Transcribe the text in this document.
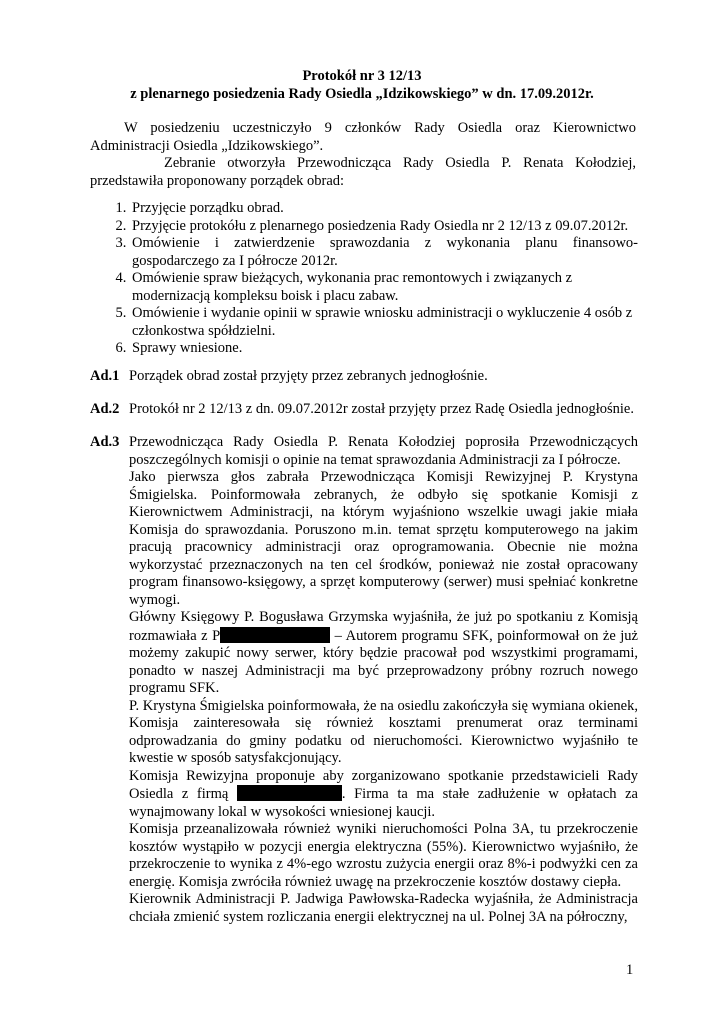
Protokół nr 3 12/13
z plenarnego posiedzenia Rady Osiedla „Idzikowskiego” w dn. 17.09.2012r.

W posiedzeniu uczestniczyło 9 członków Rady Osiedla oraz Kierownictwo Administracji Osiedla „Idzikowskiego”.

Zebranie otworzyła Przewodnicząca Rady Osiedla P. Renata Kołodziej, przedstawiła proponowany porządek obrad:

1. Przyjęcie porządku obrad.
2. Przyjęcie protokółu z plenarnego posiedzenia Rady Osiedla nr 2 12/13 z 09.07.2012r.
3. Omówienie i zatwierdzenie sprawozdania z wykonania planu finansowo-gospodarczego za I półrocze 2012r.
4. Omówienie spraw bieżących, wykonania prac remontowych i związanych z modernizacją kompleksu boisk i placu zabaw.
5. Omówienie i wydanie opinii w sprawie wniosku administracji o wykluczenie 4 osób z członkostwa spółdzielni.
6. Sprawy wniesione.
Ad.1 Porządek obrad został przyjęty przez zebranych jednogłośnie.
Ad.2 Protokół nr 2 12/13 z dn. 09.07.2012r został przyjęty przez Radę Osiedla jednogłośnie.
Ad.3 Przewodnicząca Rady Osiedla P. Renata Kołodziej poprosiła Przewodniczących poszczególnych komisji o opinie na temat sprawozdania Administracji za I półrocze.

Jako pierwsza głos zabrała Przewodnicząca Komisji Rewizyjnej P. Krystyna Śmigielska. Poinformowała zebranych, że odbyło się spotkanie Komisji z Kierownictwem Administracji, na którym wyjaśniono wszelkie uwagi jakie miała Komisja do sprawozdania. Poruszono m.in. temat sprzętu komputerowego na jakim pracują pracownicy administracji oraz oprogramowania. Obecnie nie można wykorzystać przeznaczonych na ten cel środków, ponieważ nie został opracowany program finansowo-księgowy, a sprzęt komputerowy (serwer) musi spełniać konkretne wymogi.

Główny Księgowy P. Bogusława Grzymska wyjaśniła, że już po spotkaniu z Komisją rozmawiała z P	– Autorem programu SFK, poinformował on że już możemy zakupić nowy serwer, który będzie pracował pod wszystkimi programami, ponadto w naszej Administracji ma być przeprowadzony próbny rozruch nowego programu SFK.

P. Krystyna Śmigielska poinformowała, że na osiedlu zakończyła się wymiana okienek, Komisja zainteresowała się również kosztami prenumerat oraz terminami odprowadzania do gminy podatku od nieruchomości. Kierownictwo wyjaśniło te kwestie w sposób satysfakcjonujący.

Komisja Rewizyjna proponuje aby zorganizowano spotkanie przedstawicieli Rady Osiedla z firmą	. Firma ta ma stałe zadłużenie w opłatach za wynajmowany lokal w wysokości wniesionej kaucji.

Komisja przeanalizowała również wyniki nieruchomości Polna 3A, tu przekroczenie kosztów wystąpiło w pozycji energia elektryczna (55%). Kierownictwo wyjaśniło, że przekroczenie to wynika z 4%-ego wzrostu zużycia energii oraz 8%-i podwyżki cen za energię. Komisja zwróciła również uwagę na przekroczenie kosztów dostawy ciepła.

Kierownik Administracji P. Jadwiga Pawłowska-Radecka wyjaśniła, że Administracja chciała zmienić system rozliczania energii elektrycznej na ul. Polnej 3A na półroczny,

1
